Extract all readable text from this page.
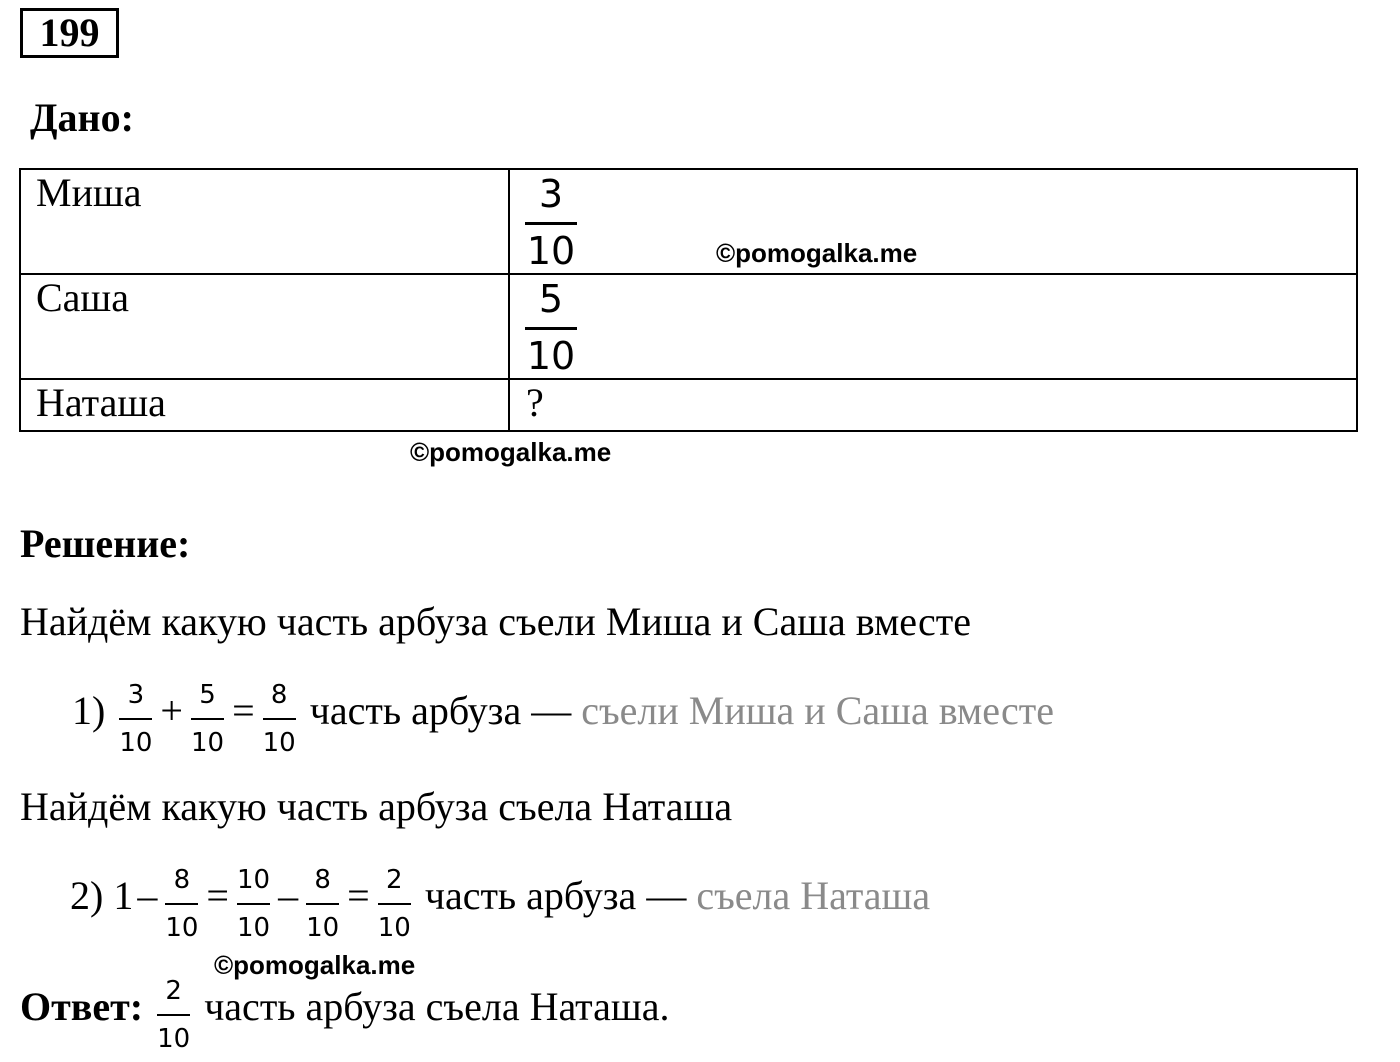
199
Дано:
Миша	$\frac{3}{10}$

Саша	$\frac{5}{10}$

Наташа	?
©pomogalka.me
©pomogalka.me
Решение:
Найдём какую часть арбуза съели Миша и Саша вместе
$1) \frac{3}{10} + \frac{5}{10} = \frac{8}{10}$ часть арбуза — съели Миша и Саша вместе
Найдём какую часть арбуза съела Наташа
2) $1 - \frac{8}{10} = \frac{10}{10} - \frac{8}{10} = \frac{2}{10}$ часть арбуза — съела Наташа
©pomogalka.me
Ответ: $\frac{2}{10}$ часть арбуза съела Наташа.
